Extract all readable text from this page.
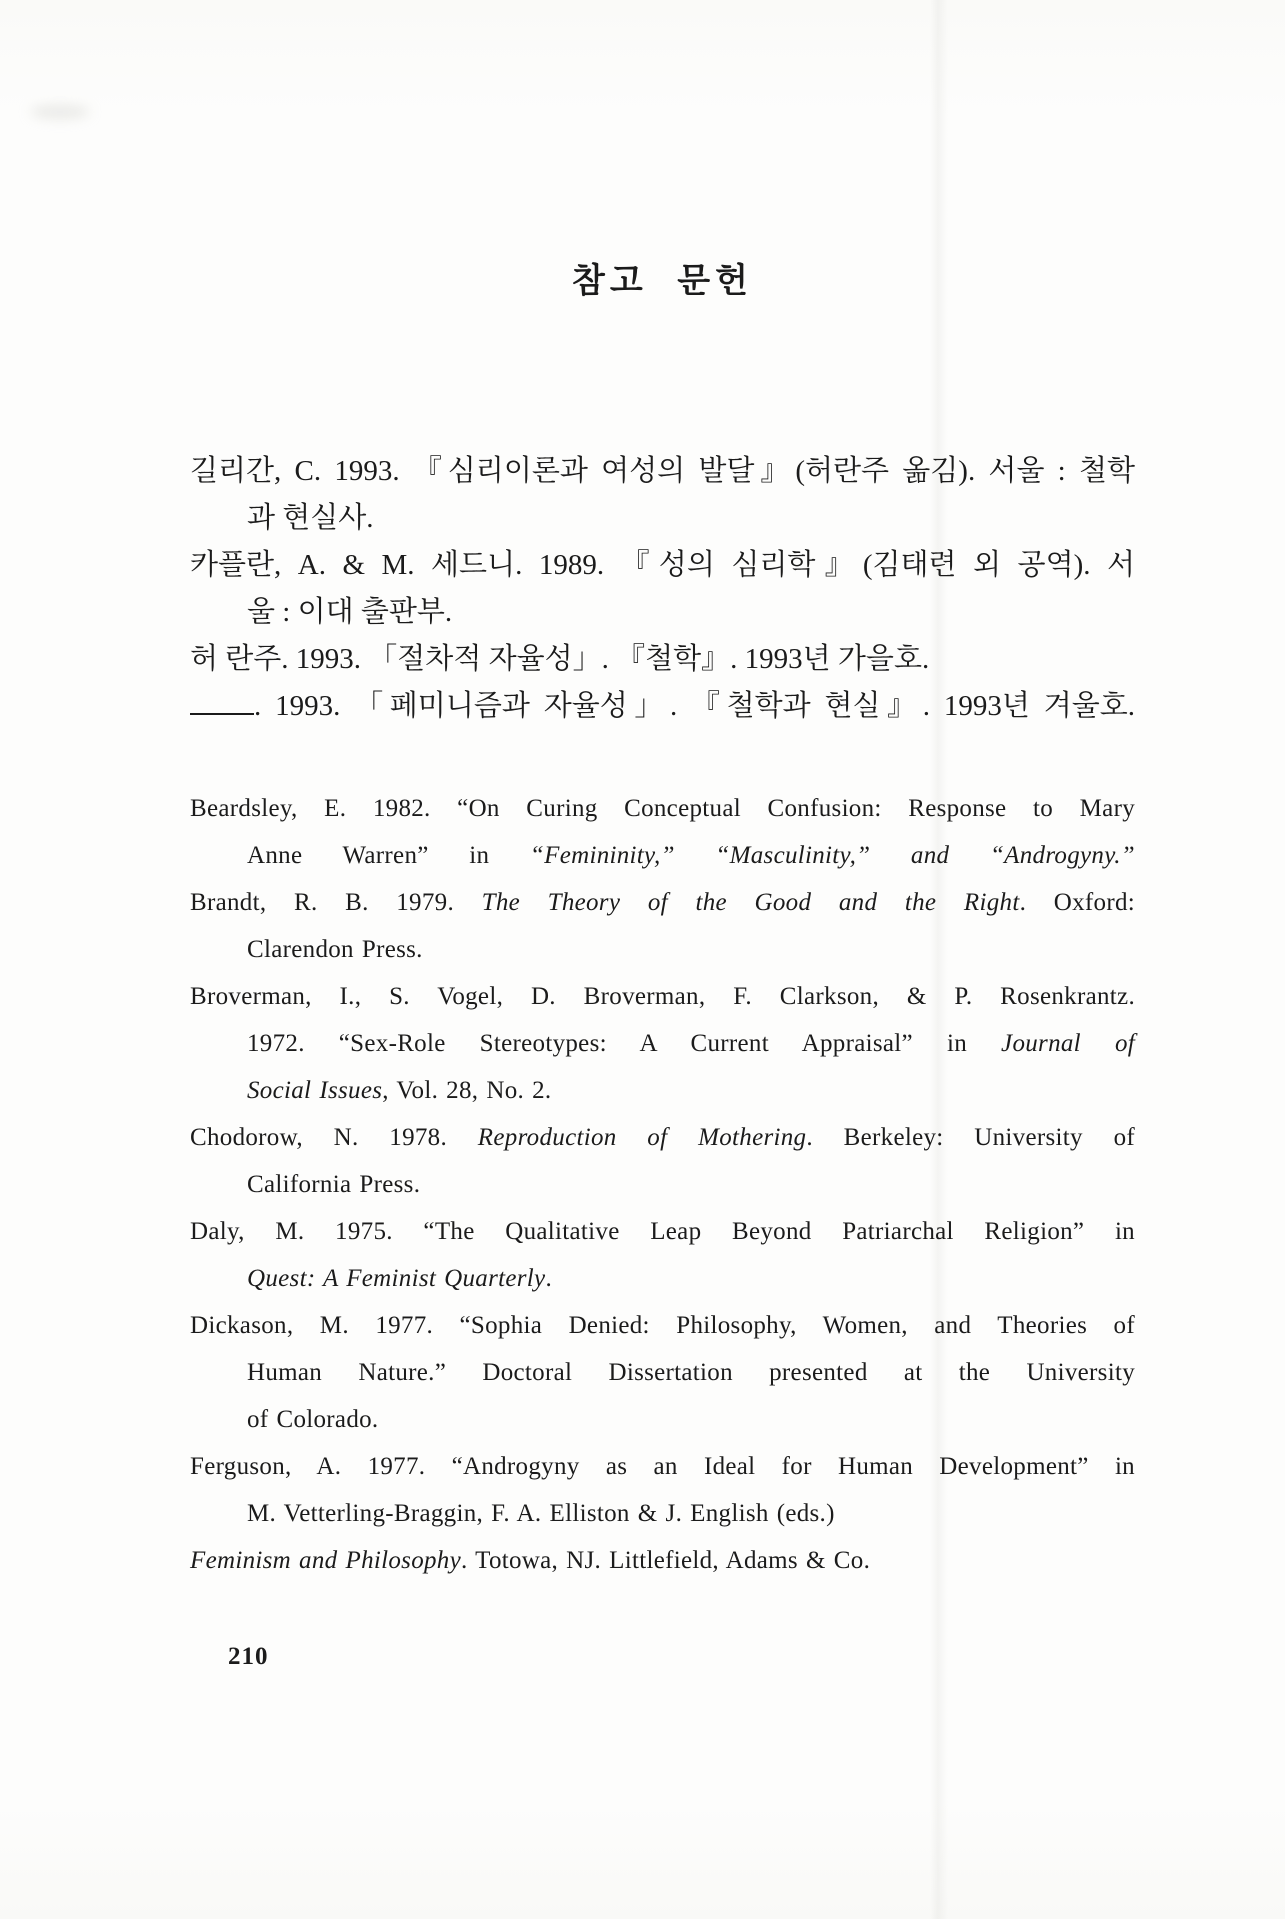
참고 문헌
길리간, C. 1993. 『심리이론과 여성의 발달』(허란주 옮김). 서울 : 철학
과 현실사.
카플란, A. & M. 세드니. 1989. 『성의 심리학』(김태련 외 공역). 서
울 : 이대 출판부.
허 란주. 1993. 「절차적 자율성」. 『철학』. 1993년 가을호.
. 1993. 「페미니즘과 자율성」. 『철학과 현실』. 1993년 겨울호.
Beardsley, E. 1982. “On Curing Conceptual Confusion: Response to Mary
Anne Warren” in “Femininity,” “Masculinity,” and “Androgyny.”
Brandt, R. B. 1979. The Theory of the Good and the Right. Oxford:
Clarendon Press.
Broverman, I., S. Vogel, D. Broverman, F. Clarkson, & P. Rosenkrantz.
1972. “Sex-Role Stereotypes: A Current Appraisal” in Journal of
Social Issues, Vol. 28, No. 2.
Chodorow, N. 1978. Reproduction of Mothering. Berkeley: University of
California Press.
Daly, M. 1975. “The Qualitative Leap Beyond Patriarchal Religion” in
Quest: A Feminist Quarterly.
Dickason, M. 1977. “Sophia Denied: Philosophy, Women, and Theories of
Human Nature.” Doctoral Dissertation presented at the University
of Colorado.
Ferguson, A. 1977. “Androgyny as an Ideal for Human Development” in
M. Vetterling-Braggin, F. A. Elliston & J. English (eds.)
Feminism and Philosophy. Totowa, NJ. Littlefield, Adams & Co.
210
